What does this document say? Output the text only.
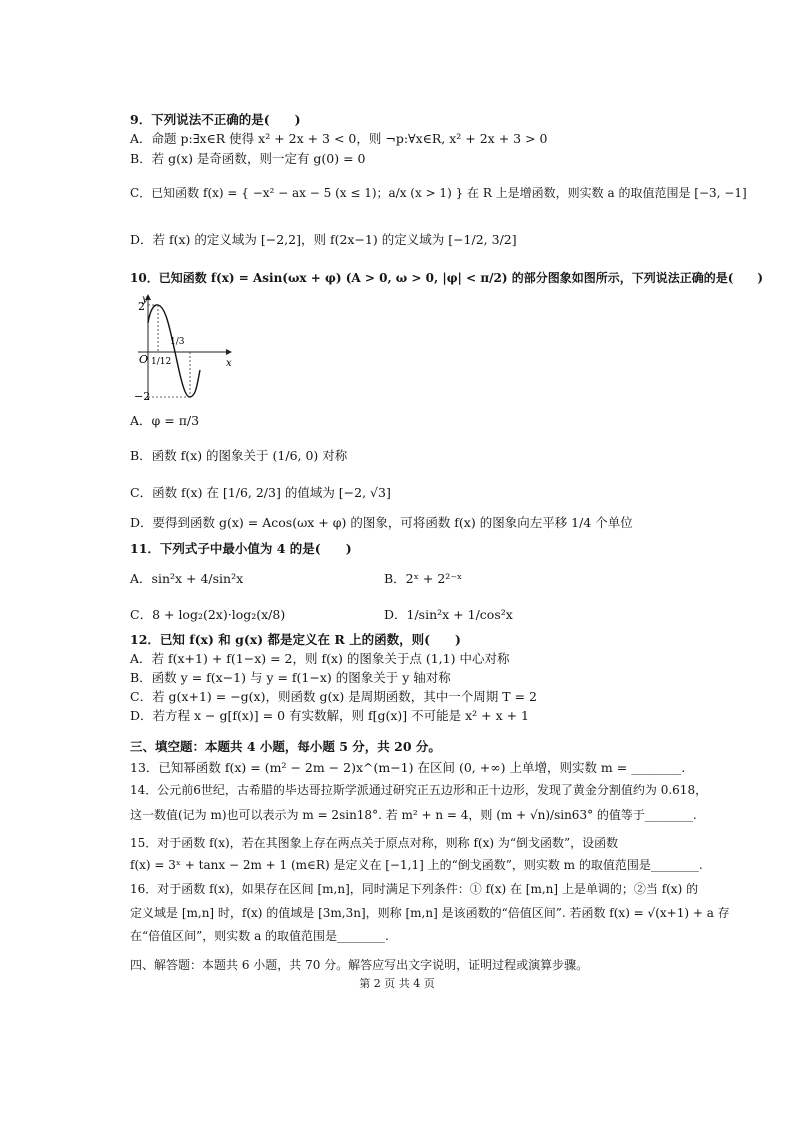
9．下列说法不正确的是(　　)
A．命题 p:∃x∈R 使得 x² + 2x + 3 < 0，则 ¬p:∀x∈R, x² + 2x + 3 > 0
B．若 g(x) 是奇函数，则一定有 g(0) = 0
C．已知函数 f(x) = { −x² − ax − 5 (x ≤ 1)；a/x (x > 1) } 在 R 上是增函数，则实数 a 的取值范围是 [−3, −1]
D．若 f(x) 的定义域为 [−2,2]，则 f(2x−1) 的定义域为 [−1/2, 3/2]
10．已知函数 f(x) = Asin(ωx + φ) (A > 0, ω > 0, |φ| < π/2) 的部分图象如图所示，下列说法正确的是(　　)
y
x
O
2
−2
1/12
1/3
A．φ = π/3
B．函数 f(x) 的图象关于 (1/6, 0) 对称
C．函数 f(x) 在 [1/6, 2/3] 的值域为 [−2, √3]
D．要得到函数 g(x) = Acos(ωx + φ) 的图象，可将函数 f(x) 的图象向左平移 1/4 个单位
11．下列式子中最小值为 4 的是(　　)
A．sin²x + 4/sin²x	B．2ˣ + 2²⁻ˣ
C．8 + log₂(2x)·log₂(x/8)	D．1/sin²x + 1/cos²x
12．已知 f(x) 和 g(x) 都是定义在 R 上的函数，则(　　)
A．若 f(x+1) + f(1−x) = 2，则 f(x) 的图象关于点 (1,1) 中心对称
B．函数 y = f(x−1) 与 y = f(1−x) 的图象关于 y 轴对称
C．若 g(x+1) = −g(x)，则函数 g(x) 是周期函数，其中一个周期 T = 2
D．若方程 x − g[f(x)] = 0 有实数解，则 f[g(x)] 不可能是 x² + x + 1
三、填空题：本题共 4 小题，每小题 5 分，共 20 分。
13．已知幂函数 f(x) = (m² − 2m − 2)x^(m−1) 在区间 (0, +∞) 上单增，则实数 m = ________.
14．公元前6世纪，古希腊的毕达哥拉斯学派通过研究正五边形和正十边形，发现了黄金分割值约为 0.618，
这一数值(记为 m)也可以表示为 m = 2sin18°. 若 m² + n = 4，则 (m + √n)/sin63° 的值等于________.
15．对于函数 f(x)，若在其图象上存在两点关于原点对称，则称 f(x) 为“倒戈函数”，设函数
f(x) = 3ˣ + tanx − 2m + 1 (m∈R) 是定义在 [−1,1] 上的“倒戈函数”，则实数 m 的取值范围是________.
16．对于函数 f(x)，如果存在区间 [m,n]，同时满足下列条件：① f(x) 在 [m,n] 上是单调的；②当 f(x) 的
定义域是 [m,n] 时，f(x) 的值域是 [3m,3n]，则称 [m,n] 是该函数的“倍值区间”. 若函数 f(x) = √(x+1) + a 存
在“倍值区间”，则实数 a 的取值范围是________.
四、解答题：本题共 6 小题，共 70 分。解答应写出文字说明，证明过程或演算步骤。
第 2 页 共 4 页
